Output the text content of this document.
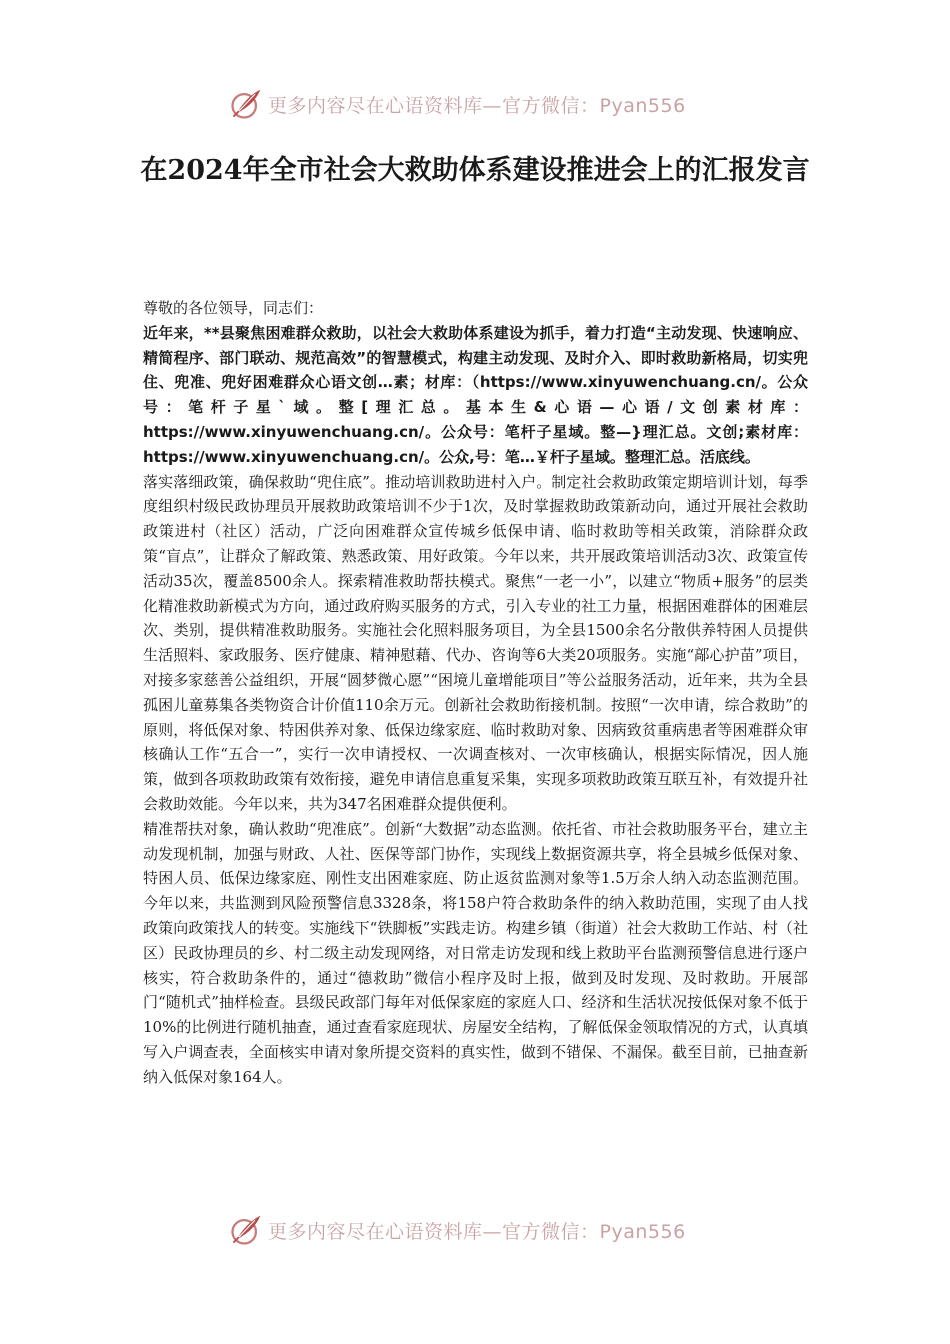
更多内容尽在心语资料库—官方微信：Pyan556
在2024年全市社会大救助体系建设推进会上的汇报发言

尊敬的各位领导，同志们：

近年来，**县聚焦困难群众救助，以社会大救助体系建设为抓手，着力打造“主动发现、快速响应、精简程序、部门联动、规范高效”的智慧模式，构建主动发现、及时介入、即时救助新格局，切实兜住、兜准、兜好困难群众心语文创…素；材库：（https://www.xinyuwenchuang.cn/。公众号：笔杆子星`域。整[理汇总。基本生&心语—心语/文创素材库：https://www.xinyuwenchuang.cn/。公众号：笔杆子星域。整—}理汇总。文创;素材库：https://www.xinyuwenchuang.cn/。公众,号：笔…￥杆子星域。整理汇总。活底线。

落实落细政策，确保救助“兜住底”。推动培训救助进村入户。制定社会救助政策定期培训计划，每季度组织村级民政协理员开展救助政策培训不少于1次，及时掌握救助政策新动向，通过开展社会救助政策进村（社区）活动，广泛向困难群众宣传城乡低保申请、临时救助等相关政策，消除群众政策“盲点”，让群众了解政策、熟悉政策、用好政策。今年以来，共开展政策培训活动3次、政策宣传活动35次，覆盖8500余人。探索精准救助帮扶模式。聚焦“一老一小”，以建立“物质+服务”的层类化精准救助新模式为方向，通过政府购买服务的方式，引入专业的社工力量，根据困难群体的困难层次、类别，提供精准救助服务。实施社会化照料服务项目，为全县1500余名分散供养特困人员提供生活照料、家政服务、医疗健康、精神慰藉、代办、咨询等6大类20项服务。实施“鄗心护苗”项目，对接多家慈善公益组织，开展“圆梦微心愿”“困境儿童增能项目”等公益服务活动，近年来，共为全县孤困儿童募集各类物资合计价值110余万元。创新社会救助衔接机制。按照“一次申请，综合救助”的原则，将低保对象、特困供养对象、低保边缘家庭、临时救助对象、因病致贫重病患者等困难群众审核确认工作“五合一”，实行一次申请授权、一次调查核对、一次审核确认，根据实际情况，因人施策，做到各项救助政策有效衔接，避免申请信息重复采集，实现多项救助政策互联互补，有效提升社会救助效能。今年以来，共为347名困难群众提供便利。

精准帮扶对象，确认救助“兜准底”。创新“大数据”动态监测。依托省、市社会救助服务平台，建立主动发现机制，加强与财政、人社、医保等部门协作，实现线上数据资源共享，将全县城乡低保对象、特困人员、低保边缘家庭、刚性支出困难家庭、防止返贫监测对象等1.5万余人纳入动态监测范围。今年以来，共监测到风险预警信息3328条，将158户符合救助条件的纳入救助范围，实现了由人找政策向政策找人的转变。实施线下“铁脚板”实践走访。构建乡镇（街道）社会大救助工作站、村（社区）民政协理员的乡、村二级主动发现网络，对日常走访发现和线上救助平台监测预警信息进行逐户核实，符合救助条件的，通过“德救助”微信小程序及时上报，做到及时发现、及时救助。开展部门“随机式”抽样检查。县级民政部门每年对低保家庭的家庭人口、经济和生活状况按低保对象不低于10%的比例进行随机抽查，通过查看家庭现状、房屋安全结构，了解低保金领取情况的方式，认真填写入户调查表，全面核实申请对象所提交资料的真实性，做到不错保、不漏保。截至目前，已抽查新纳入低保对象164人。

更多内容尽在心语资料库—官方微信：Pyan556
